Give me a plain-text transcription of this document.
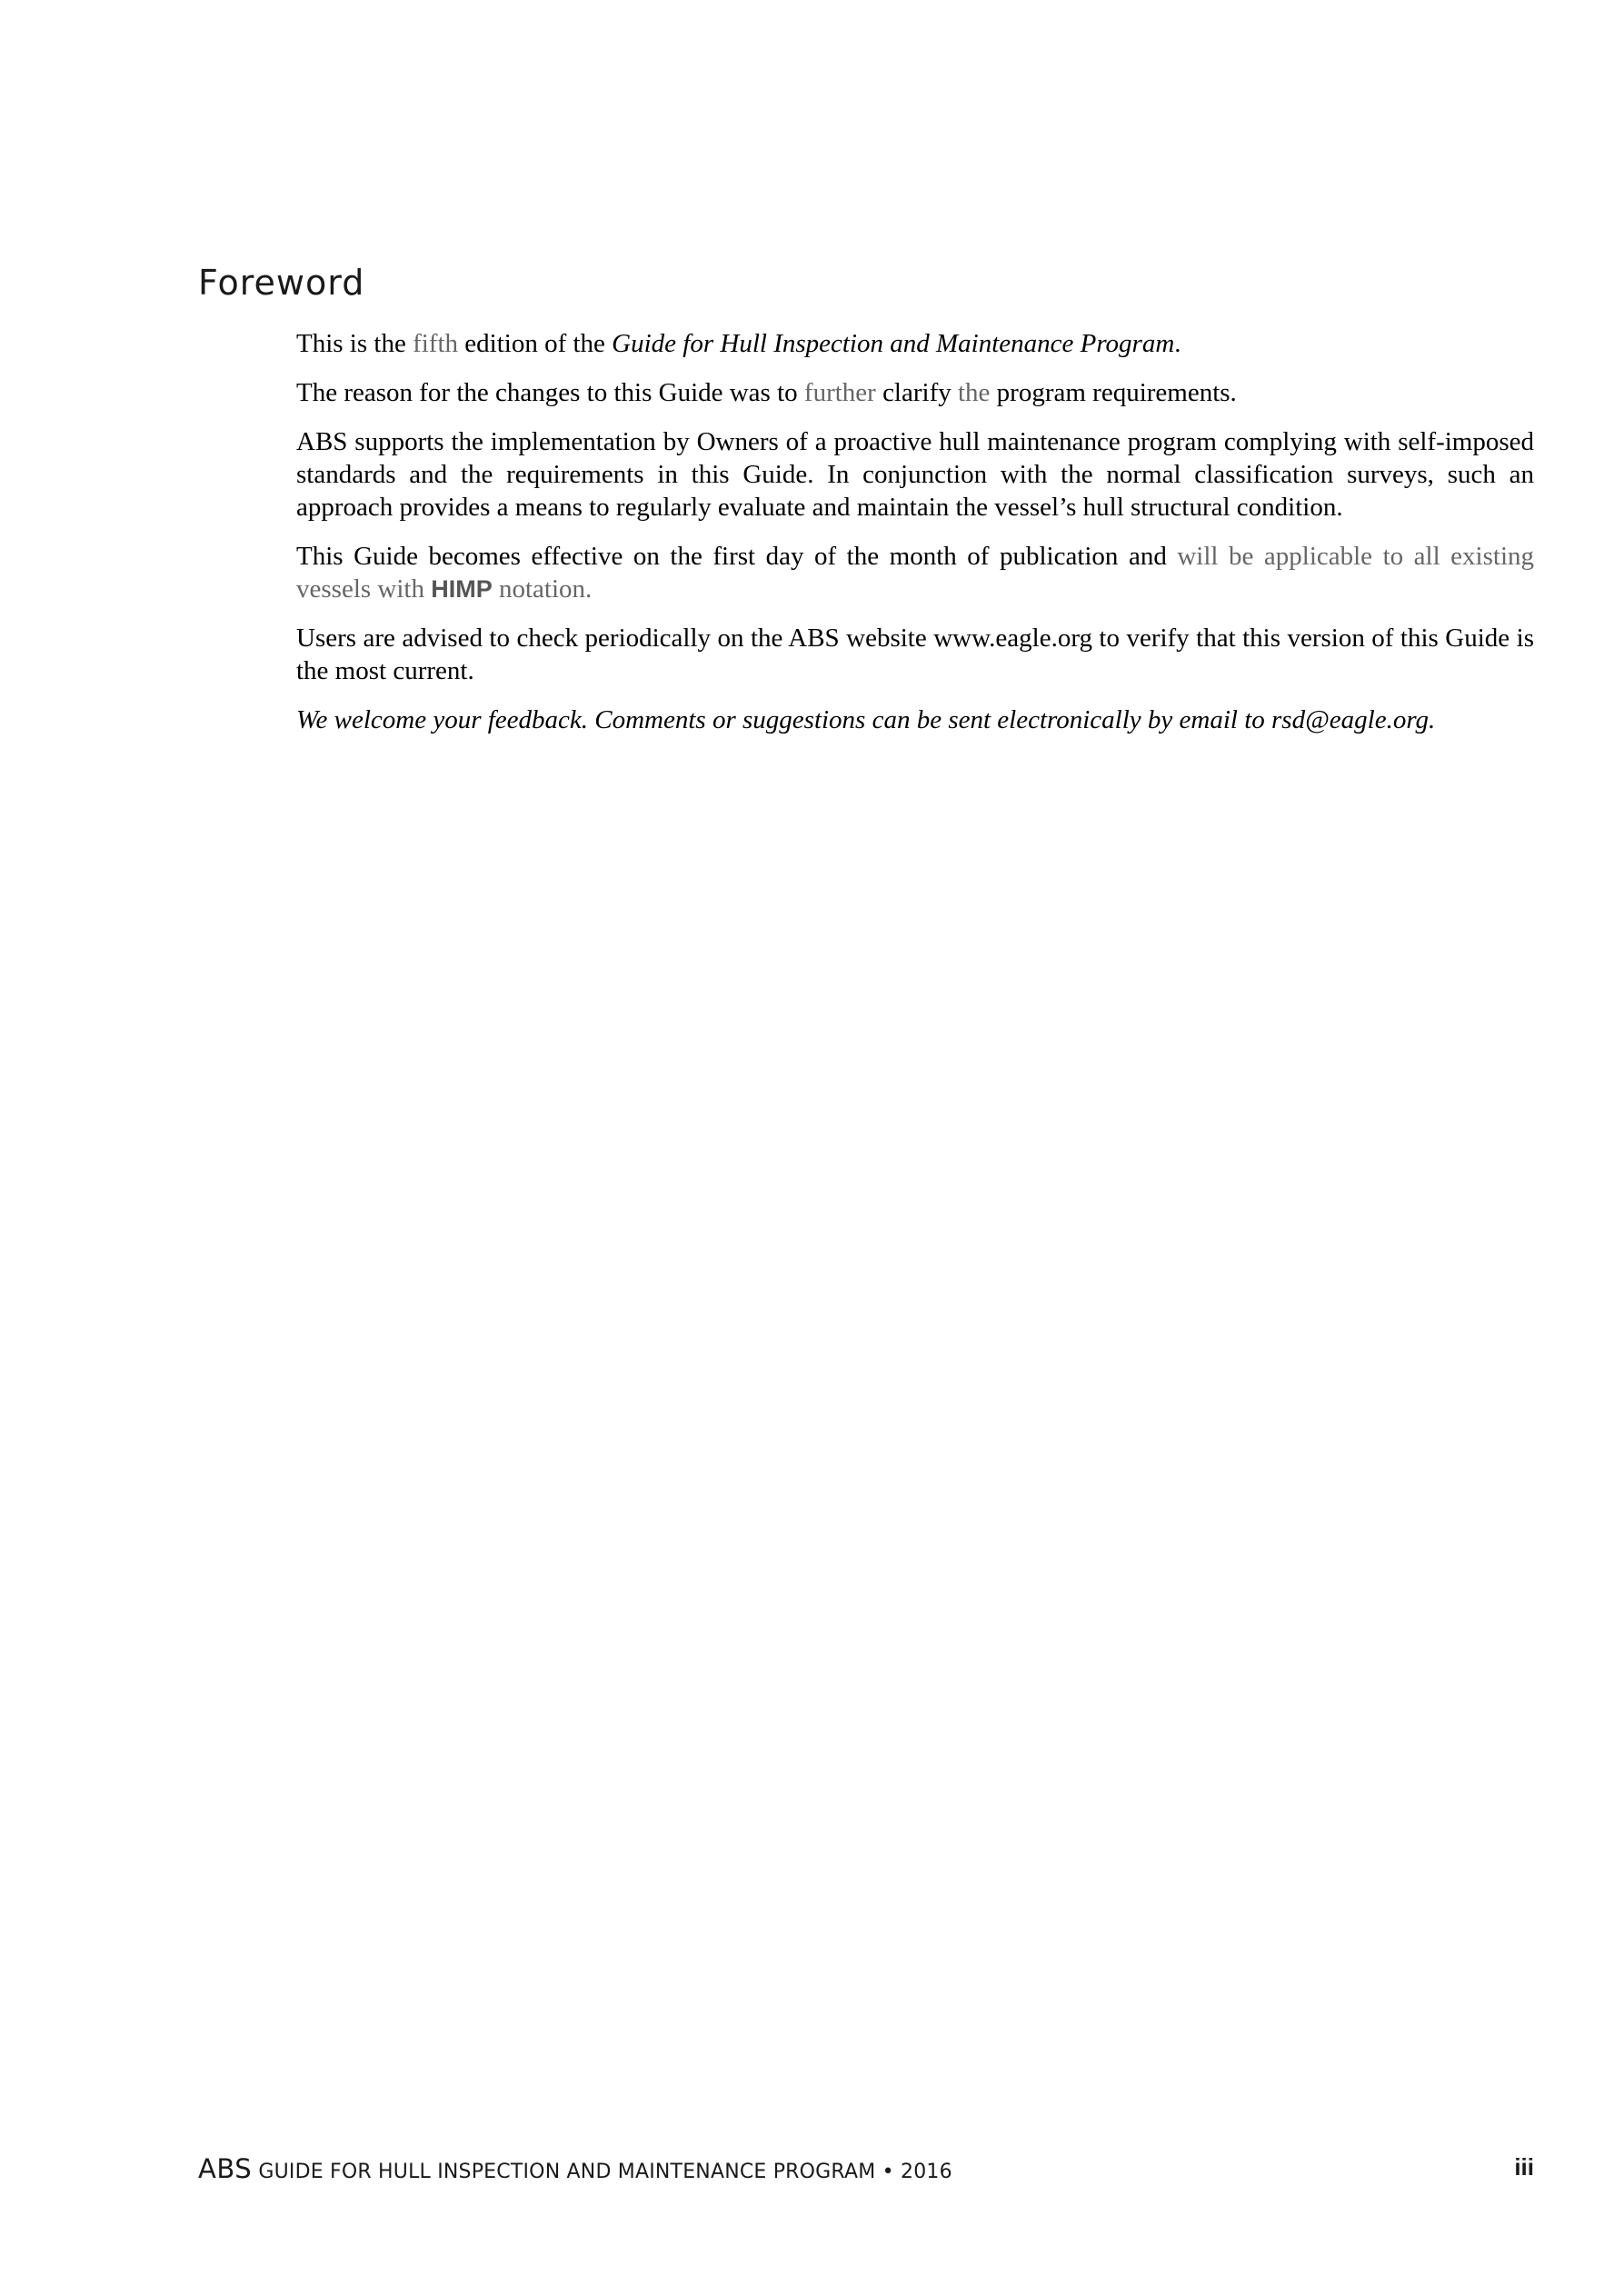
Foreword

This is the fifth edition of the Guide for Hull Inspection and Maintenance Program.

The reason for the changes to this Guide was to further clarify the program requirements.

ABS supports the implementation by Owners of a proactive hull maintenance program complying with self-imposed standards and the requirements in this Guide. In conjunction with the normal classification surveys, such an approach provides a means to regularly evaluate and maintain the vessel’s hull structural condition.

This Guide becomes effective on the first day of the month of publication and will be applicable to all existing vessels with HIMP notation.

Users are advised to check periodically on the ABS website www.eagle.org to verify that this version of this Guide is the most current.

We welcome your feedback. Comments or suggestions can be sent electronically by email to rsd@eagle.org.

ABS GUIDE FOR HULL INSPECTION AND MAINTENANCE PROGRAM • 2016	iii
